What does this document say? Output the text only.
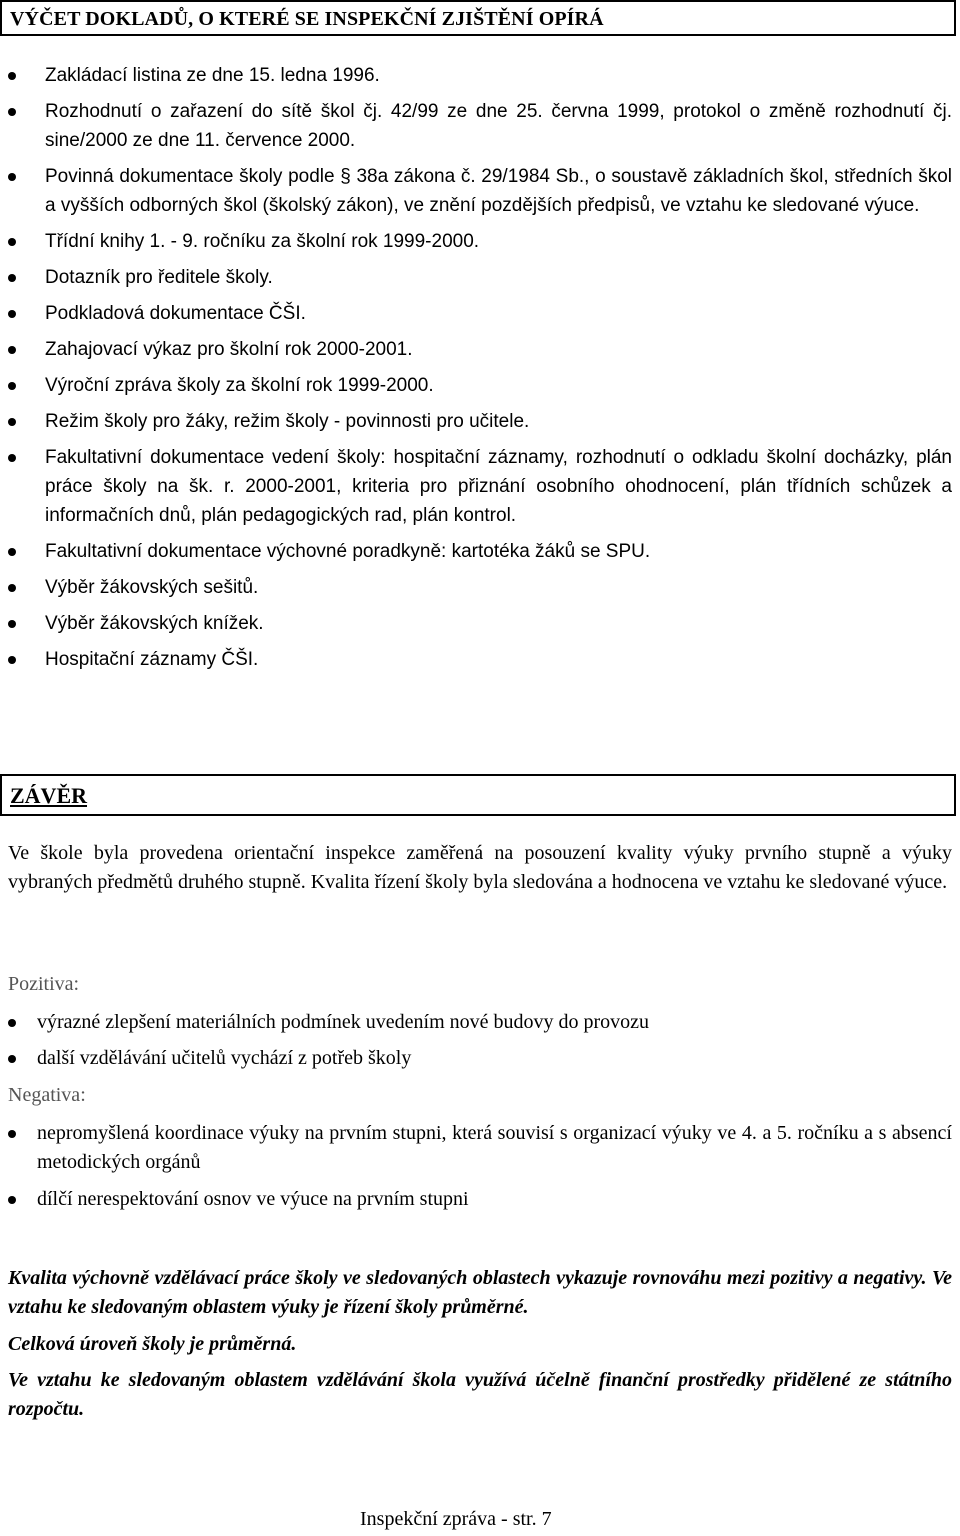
VÝČET DOKLADŮ, O KTERÉ SE INSPEKČNÍ ZJIŠTĚNÍ OPÍRÁ
Zakládací listina ze dne 15. ledna 1996.
Rozhodnutí o zařazení do sítě škol čj. 42/99 ze dne 25. června 1999, protokol o změně rozhodnutí čj. sine/2000 ze dne 11. července 2000.
Povinná dokumentace školy podle § 38a zákona č. 29/1984 Sb., o soustavě základních škol, středních škol a vyšších odborných škol (školský zákon), ve znění pozdějších předpisů, ve vztahu ke sledované výuce.
Třídní knihy 1. - 9. ročníku za školní rok 1999-2000.
Dotazník pro ředitele školy.
Podkladová dokumentace ČŠI.
Zahajovací výkaz pro školní rok 2000-2001.
Výroční zpráva školy za školní rok 1999-2000.
Režim školy pro žáky, režim školy - povinnosti pro učitele.
Fakultativní dokumentace vedení školy: hospitační záznamy, rozhodnutí o odkladu školní docházky, plán práce školy na šk. r. 2000-2001, kriteria pro přiznání osobního ohodnocení, plán třídních schůzek a informačních dnů, plán pedagogických rad, plán kontrol.
Fakultativní dokumentace výchovné poradkyně: kartotéka žáků se SPU.
Výběr žákovských sešitů.
Výběr žákovských knížek.
Hospitační záznamy ČŠI.
ZÁVĚR

Ve škole byla provedena orientační inspekce zaměřená na posouzení kvality výuky prvního stupně a výuky vybraných předmětů druhého stupně. Kvalita řízení školy byla sledována a hodnocena ve vztahu ke sledované výuce.

Pozitiva:
výrazné zlepšení materiálních podmínek uvedením nové budovy do provozu
další vzdělávání učitelů vychází z potřeb školy
Negativa:
nepromyšlená koordinace výuky na prvním stupni, která souvisí s organizací výuky ve 4. a 5. ročníku a s absencí metodických orgánů
dílčí nerespektování osnov ve výuce na prvním stupni

Kvalita výchovně vzdělávací práce školy ve sledovaných oblastech vykazuje rovnováhu mezi pozitivy a negativy. Ve vztahu ke sledovaným oblastem výuky je řízení školy průměrné.

Celková úroveň školy je průměrná.

Ve vztahu ke sledovaným oblastem vzdělávání škola využívá účelně finanční prostředky přidělené ze státního rozpočtu.

Inspekční zpráva - str. 7
